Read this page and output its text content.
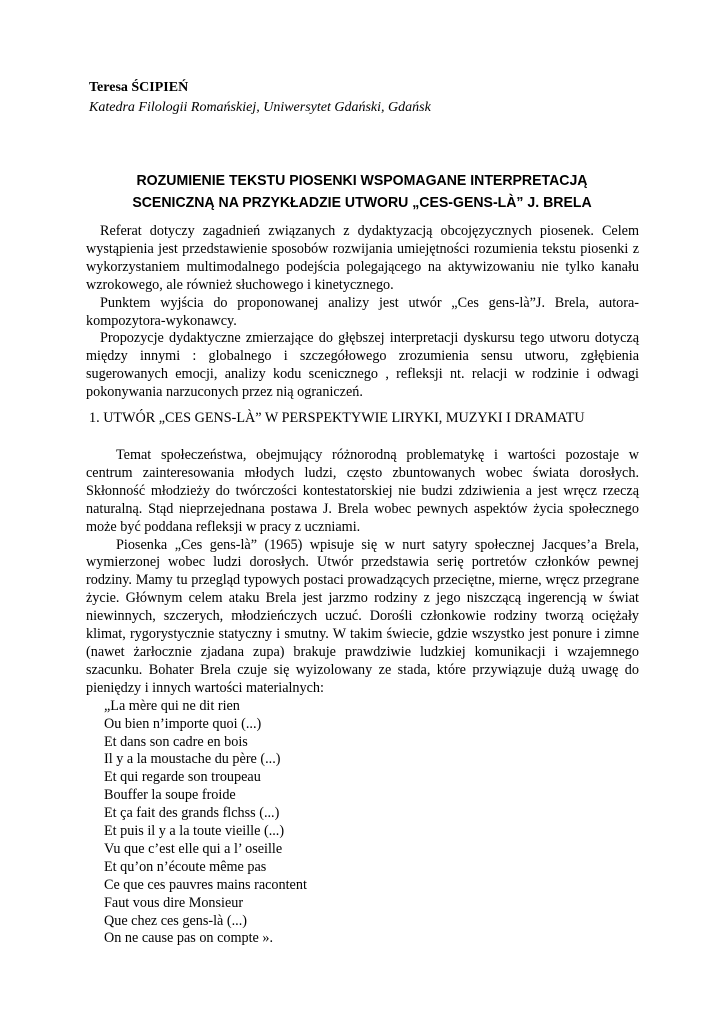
Teresa ŚCIPIEŃ
Katedra Filologii Romańskiej, Uniwersytet Gdański, Gdańsk
ROZUMIENIE TEKSTU PIOSENKI WSPOMAGANE INTERPRETACJĄ
SCENICZNĄ NA PRZYKŁADZIE UTWORU „CES-GENS-LÀ” J. BRELA

Referat dotyczy zagadnień związanych z dydaktyzacją obcojęzycznych piosenek. Celem wystąpienia jest przedstawienie sposobów rozwijania umiejętności rozumienia tekstu piosenki z wykorzystaniem multimodalnego podejścia polegającego na aktywizowaniu nie tylko kanału wzrokowego, ale również słuchowego i kinetycznego.

Punktem wyjścia do proponowanej analizy jest utwór „Ces gens-là”J. Brela, autora-kompozytora-wykonawcy.

Propozycje dydaktyczne zmierzające do głębszej interpretacji dyskursu tego utworu dotyczą między innymi : globalnego i szczegółowego zrozumienia sensu utworu, zgłębienia sugerowanych emocji, analizy kodu scenicznego , refleksji nt. relacji w rodzinie i odwagi pokonywania narzuconych przez nią ograniczeń.

1. UTWÓR „CES GENS-LÀ” W PERSPEKTYWIE LIRYKI, MUZYKI I DRAMATU

Temat społeczeństwa, obejmujący różnorodną problematykę i wartości pozostaje w centrum zainteresowania młodych ludzi, często zbuntowanych wobec świata dorosłych. Skłonność młodzieży do twórczości kontestatorskiej nie budzi zdziwienia a jest wręcz rzeczą naturalną. Stąd nieprzejednana postawa J. Brela wobec pewnych aspektów życia społecznego może być poddana refleksji w pracy z uczniami.

Piosenka „Ces gens-là” (1965) wpisuje się w nurt satyry społecznej Jacques’a Brela, wymierzonej wobec ludzi dorosłych. Utwór przedstawia serię portretów członków pewnej rodziny. Mamy tu przegląd typowych postaci prowadzących przeciętne, mierne, wręcz przegrane życie. Głównym celem ataku Brela jest jarzmo rodziny z jego niszczącą ingerencją w świat niewinnych, szczerych, młodzieńczych uczuć. Dorośli członkowie rodziny tworzą ociężały klimat, rygorystycznie statyczny i smutny. W takim świecie, gdzie wszystko jest ponure i zimne (nawet żarłocznie zjadana zupa) brakuje prawdziwie ludzkiej komunikacji i wzajemnego szacunku. Bohater Brela czuje się wyizolowany ze stada, które przywiązuje dużą uwagę do pieniędzy i innych wartości materialnych:

„La mère qui ne dit rien
Ou bien n’importe quoi (...)
Et dans son cadre en bois
Il y a la moustache du père (...)
Et qui regarde son troupeau
Bouffer la soupe froide
Et ça fait des grands flchss (...)
Et puis il y a la toute vieille (...)
Vu que c’est elle qui a l’ oseille
Et qu’on n’écoute même pas
Ce que ces pauvres mains racontent
Faut vous dire Monsieur
Que chez ces gens-là (...)
On ne cause pas on compte ».
